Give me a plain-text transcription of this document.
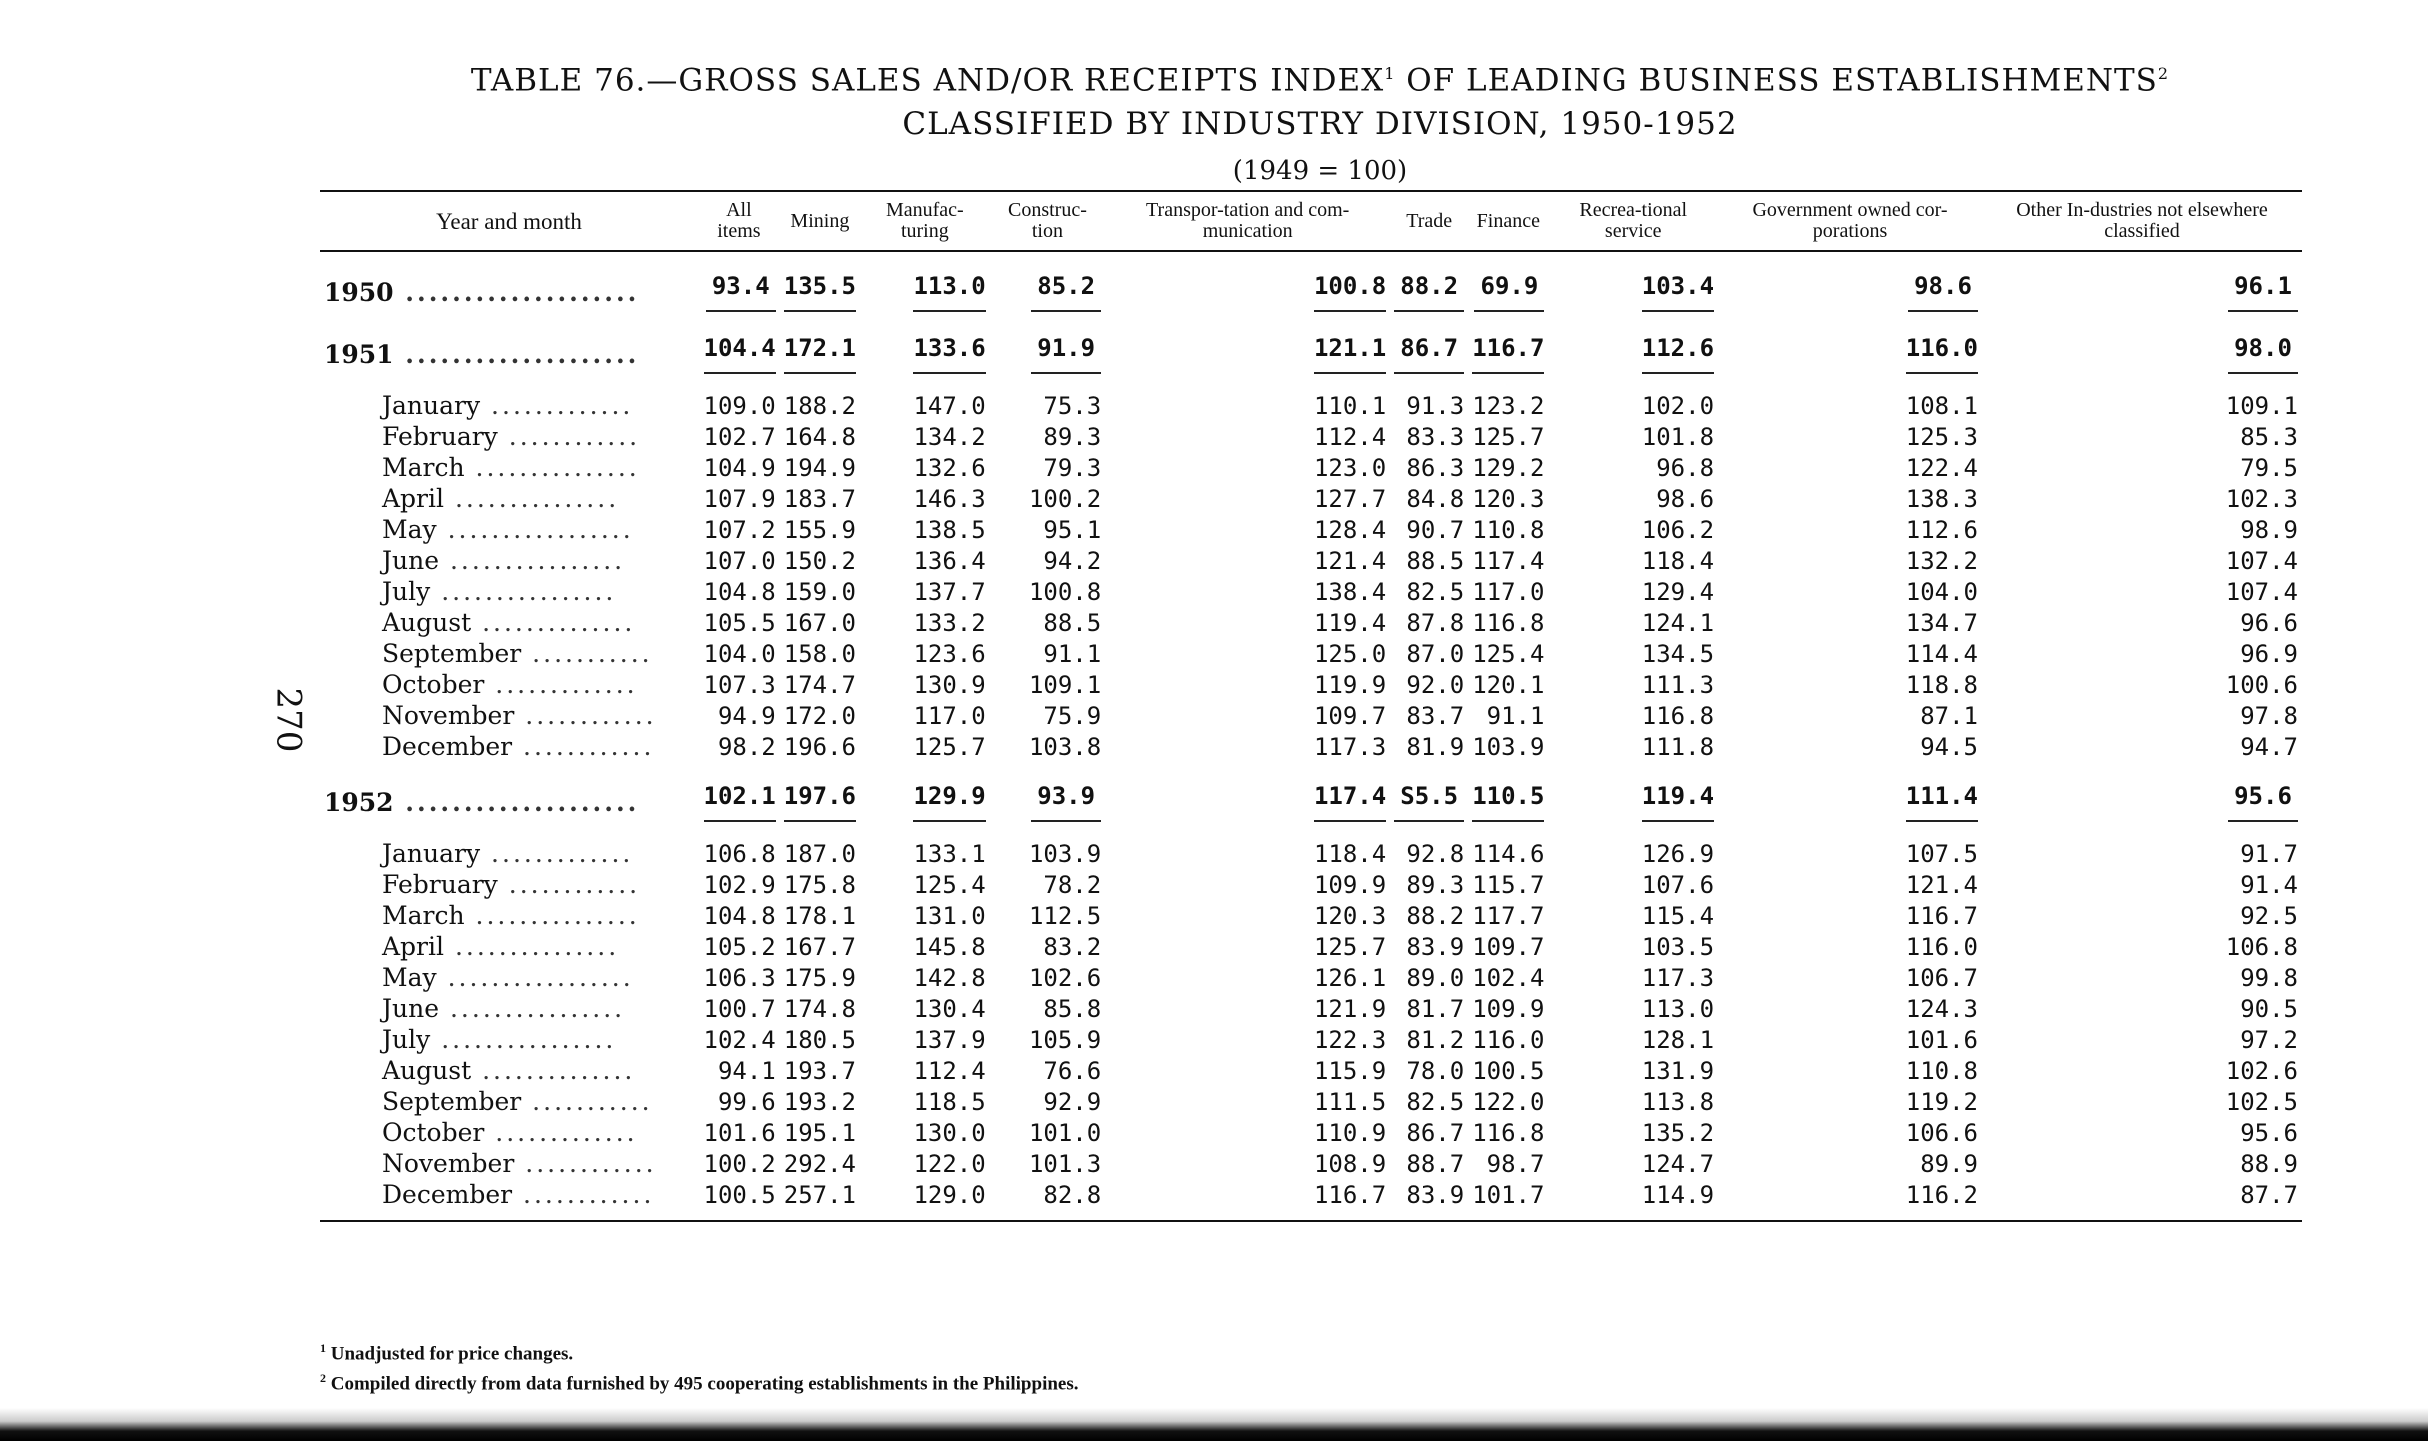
270
TABLE 76.—GROSS SALES AND/OR RECEIPTS INDEX$^1$ OF LEADING BUSINESS ESTABLISHMENTS$^2$
CLASSIFIED BY INDUSTRY DIVISION, 1950-1952
(1949 = 100)
Year and month	All items	Mining	Manufac-turing	Construc-tion	Transpor-tation and com-munication	Trade	Finance	Recrea-tional service	Government owned cor-porations	Other In-dustries not elsewhere classified
1950 ....................	93.4	135.5	113.0	85.2	100.8	88.2	69.9	103.4	98.6	96.1
1951 ....................	104.4	172.1	133.6	91.9	121.1	86.7	116.7	112.6	116.0	98.0

January .............	109.0	188.2	147.0	75.3	110.1	91.3	123.2	102.0	108.1	109.1
February ............	102.7	164.8	134.2	89.3	112.4	83.3	125.7	101.8	125.3	85.3
March ...............	104.9	194.9	132.6	79.3	123.0	86.3	129.2	96.8	122.4	79.5
April ...............	107.9	183.7	146.3	100.2	127.7	84.8	120.3	98.6	138.3	102.3
May .................	107.2	155.9	138.5	95.1	128.4	90.7	110.8	106.2	112.6	98.9
June ................	107.0	150.2	136.4	94.2	121.4	88.5	117.4	118.4	132.2	107.4
July ................	104.8	159.0	137.7	100.8	138.4	82.5	117.0	129.4	104.0	107.4
August ..............	105.5	167.0	133.2	88.5	119.4	87.8	116.8	124.1	134.7	96.6
September ...........	104.0	158.0	123.6	91.1	125.0	87.0	125.4	134.5	114.4	96.9
October .............	107.3	174.7	130.9	109.1	119.9	92.0	120.1	111.3	118.8	100.6
November ............	94.9	172.0	117.0	75.9	109.7	83.7	91.1	116.8	87.1	97.8
December ............	98.2	196.6	125.7	103.8	117.3	81.9	103.9	111.8	94.5	94.7
1952 ....................	102.1	197.6	129.9	93.9	117.4	S5.5	110.5	119.4	111.4	95.6

January .............	106.8	187.0	133.1	103.9	118.4	92.8	114.6	126.9	107.5	91.7
February ............	102.9	175.8	125.4	78.2	109.9	89.3	115.7	107.6	121.4	91.4
March ...............	104.8	178.1	131.0	112.5	120.3	88.2	117.7	115.4	116.7	92.5
April ...............	105.2	167.7	145.8	83.2	125.7	83.9	109.7	103.5	116.0	106.8
May .................	106.3	175.9	142.8	102.6	126.1	89.0	102.4	117.3	106.7	99.8
June ................	100.7	174.8	130.4	85.8	121.9	81.7	109.9	113.0	124.3	90.5
July ................	102.4	180.5	137.9	105.9	122.3	81.2	116.0	128.1	101.6	97.2
August ..............	94.1	193.7	112.4	76.6	115.9	78.0	100.5	131.9	110.8	102.6
September ...........	99.6	193.2	118.5	92.9	111.5	82.5	122.0	113.8	119.2	102.5
October .............	101.6	195.1	130.0	101.0	110.9	86.7	116.8	135.2	106.6	95.6
November ............	100.2	292.4	122.0	101.3	108.9	88.7	98.7	124.7	89.9	88.9
December ............	100.5	257.1	129.0	82.8	116.7	83.9	101.7	114.9	116.2	87.7

$^1$ Unadjusted for price changes.
$^2$ Compiled directly from data furnished by 495 cooperating establishments in the Philippines.
